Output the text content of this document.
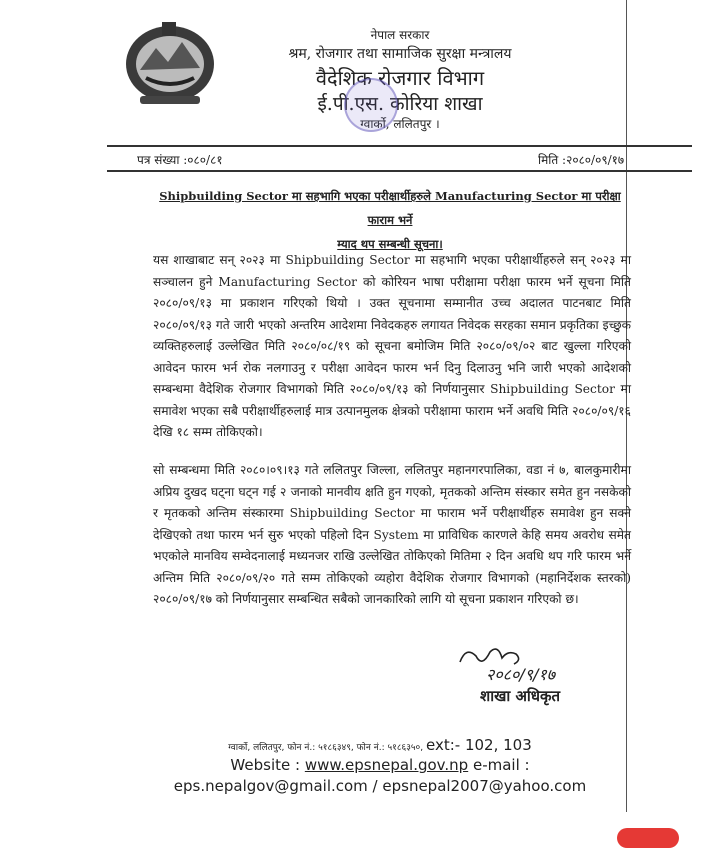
नेपाल सरकार
श्रम, रोजगार तथा सामाजिक सुरक्षा मन्त्रालय
वैदेशिक रोजगार विभाग
ई.पी.एस. कोरिया शाखा
ग्वार्को, ललितपुर ।
पत्र संख्या :०८०/८१	मिति :२०८०/०९/१७
Shipbuilding Sector मा सहभागि भएका परीक्षार्थीहरुले Manufacturing Sector मा परीक्षा फाराम भर्ने
म्याद थप सम्बन्धी सूचना।
यस शाखाबाट सन् २०२३ मा Shipbuilding Sector मा सहभागि भएका परीक्षार्थीहरुले सन् २०२३ मा सञ्चालन हुने Manufacturing Sector को कोरियन भाषा परीक्षामा परीक्षा फारम भर्ने सूचना मिति २०८०/०९/१३ मा प्रकाशन गरिएको थियो । उक्त सूचनामा सम्मानीत उच्च अदालत पाटनबाट मिति २०८०/०९/१३ गते जारी भएको अन्तरिम आदेशमा निवेदकहरु लगायत निवेदक सरहका समान प्रकृतिका इच्छुक व्यक्तिहरुलाई उल्लेखित मिति २०८०/०८/१९ को सूचना बमोजिम मिति २०८०/०९/०२ बाट खुल्ला गरिएको आवेदन फारम भर्न रोक नलगाउनु र परीक्षा आवेदन फारम भर्न दिनु दिलाउनु भनि जारी भएको आदेशको सम्बन्धमा वैदेशिक रोजगार विभागको मिति २०८०/०९/१३ को निर्णयानुसार Shipbuilding Sector मा समावेश भएका सबै परीक्षार्थीहरुलाई मात्र उत्पानमुलक क्षेत्रको परीक्षामा फाराम भर्ने अवधि मिति २०८०/०९/१६ देखि १८ सम्म तोकिएको।
सो सम्बन्धमा मिति २०८०।०९।१३ गते ललितपुर जिल्ला, ललितपुर महानगरपालिका, वडा नं ७, बालकुमारीमा अप्रिय दुखद घट्ना घट्न गई २ जनाको मानवीय क्षति हुन गएको, मृतकको अन्तिम संस्कार समेत हुन नसकेको र मृतकको अन्तिम संस्कारमा Shipbuilding Sector मा फाराम भर्ने परीक्षार्थीहरु समावेश हुन सक्ने देखिएको तथा फारम भर्न सुरु भएको पहिलो दिन System मा प्राविधिक कारणले केहि समय अवरोध समेत भएकोले मानविय सम्वेदनालाई मध्यनजर राखि उल्लेखित तोकिएको मितिमा २ दिन अवधि थप गरि फारम भर्ने अन्तिम मिति २०८०/०९/२० गते सम्म तोकिएको व्यहोरा वैदेशिक रोजगार विभागको (महानिर्देशक स्तरको) २०८०/०९/१७ को निर्णयानुसार सम्बन्धित सबैको जानकारिको लागि यो सूचना प्रकाशन गरिएको छ।
२०८०/९/१७
शाखा अधिकृत
ग्वार्को, ललितपुर, फोन नं.: ५१८६३४९, फोन नं.: ५१८६३५०, ext:- 102, 103
Website : www.epsnepal.gov.np e-mail :
eps.nepalgov@gmail.com / epsnepal2007@yahoo.com
